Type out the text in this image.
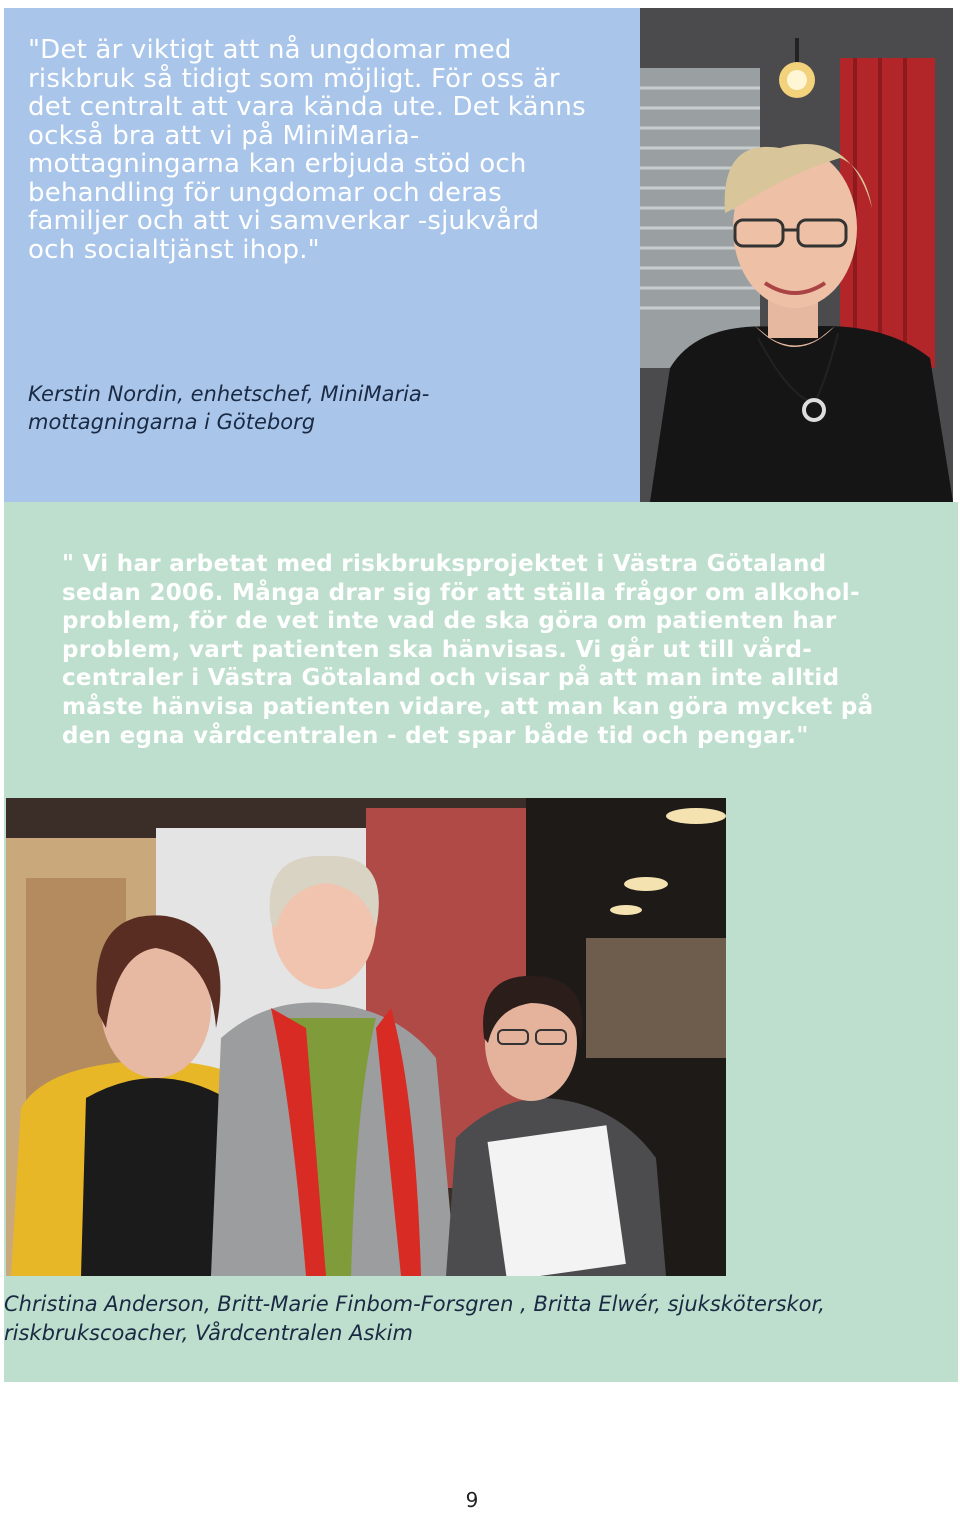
"Det är viktigt att nå ungdomar med riskbruk så tidigt som möjligt. För oss är det centralt att vara kända ute. Det känns också bra att vi på MiniMaria-mottagningarna kan erbjuda stöd och behandling för ungdomar och deras familjer och att vi samverkar -sjukvård och socialtjänst ihop."

Kerstin Nordin, enhetschef, MiniMaria-mottagningarna i Göteborg

" Vi har arbetat med riskbruksprojektet i Västra Götaland sedan 2006. Många drar sig för att ställa frågor om alkohol-problem, för de vet inte vad de ska göra om patienten har problem, vart patienten ska hänvisas. Vi går ut till vård-centraler i Västra Götaland och visar på att man inte alltid måste hänvisa patienten vidare, att man kan göra mycket på den egna vårdcentralen - det spar både tid och pengar."

Christina Anderson, Britt-Marie Finbom-Forsgren , Britta Elwér, sjuksköterskor, riskbrukscoacher, Vårdcentralen Askim

9
